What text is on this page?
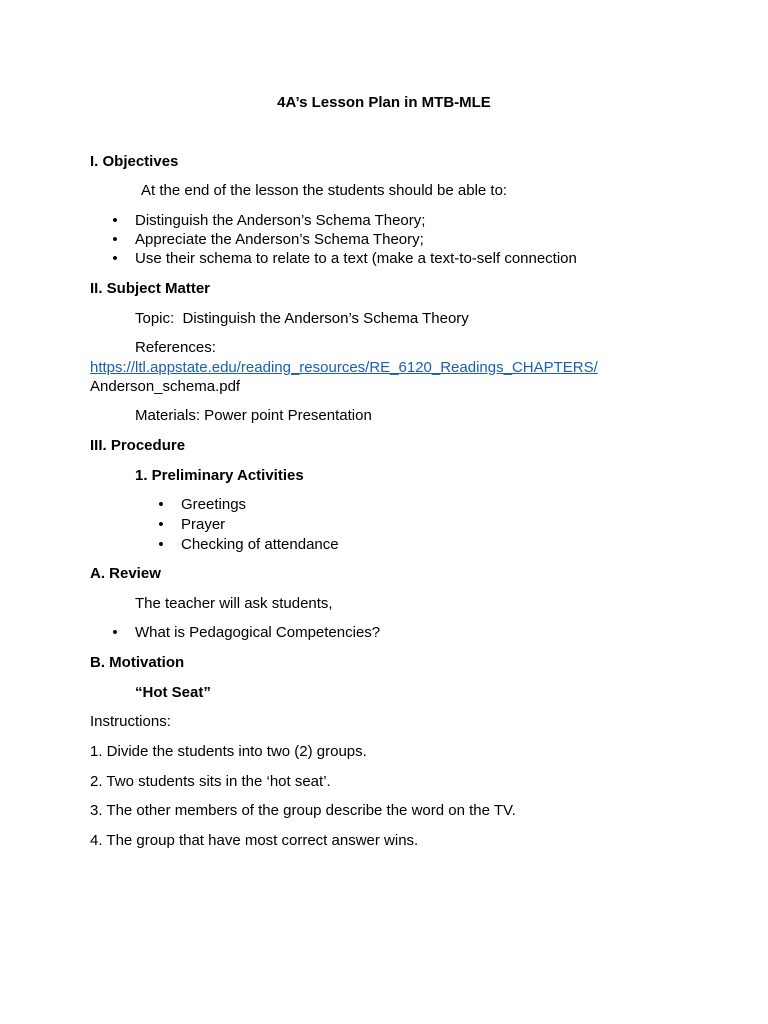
4A’s Lesson Plan in MTB-MLE
I. Objectives
At the end of the lesson the students should be able to:
• Distinguish the Anderson’s Schema Theory;
• Appreciate the Anderson’s Schema Theory;
• Use their schema to relate to a text (make a text-to-self connection
II. Subject Matter
Topic:  Distinguish the Anderson’s Schema Theory
References:
https://ltl.appstate.edu/reading_resources/RE_6120_Readings_CHAPTERS/
Anderson_schema.pdf
Materials: Power point Presentation
III. Procedure
1. Preliminary Activities
• Greetings
• Prayer
• Checking of attendance
A. Review
The teacher will ask students,
• What is Pedagogical Competencies?
B. Motivation
“Hot Seat”
Instructions:
1. Divide the students into two (2) groups.
2. Two students sits in the ‘hot seat’.
3. The other members of the group describe the word on the TV.
4. The group that have most correct answer wins.
